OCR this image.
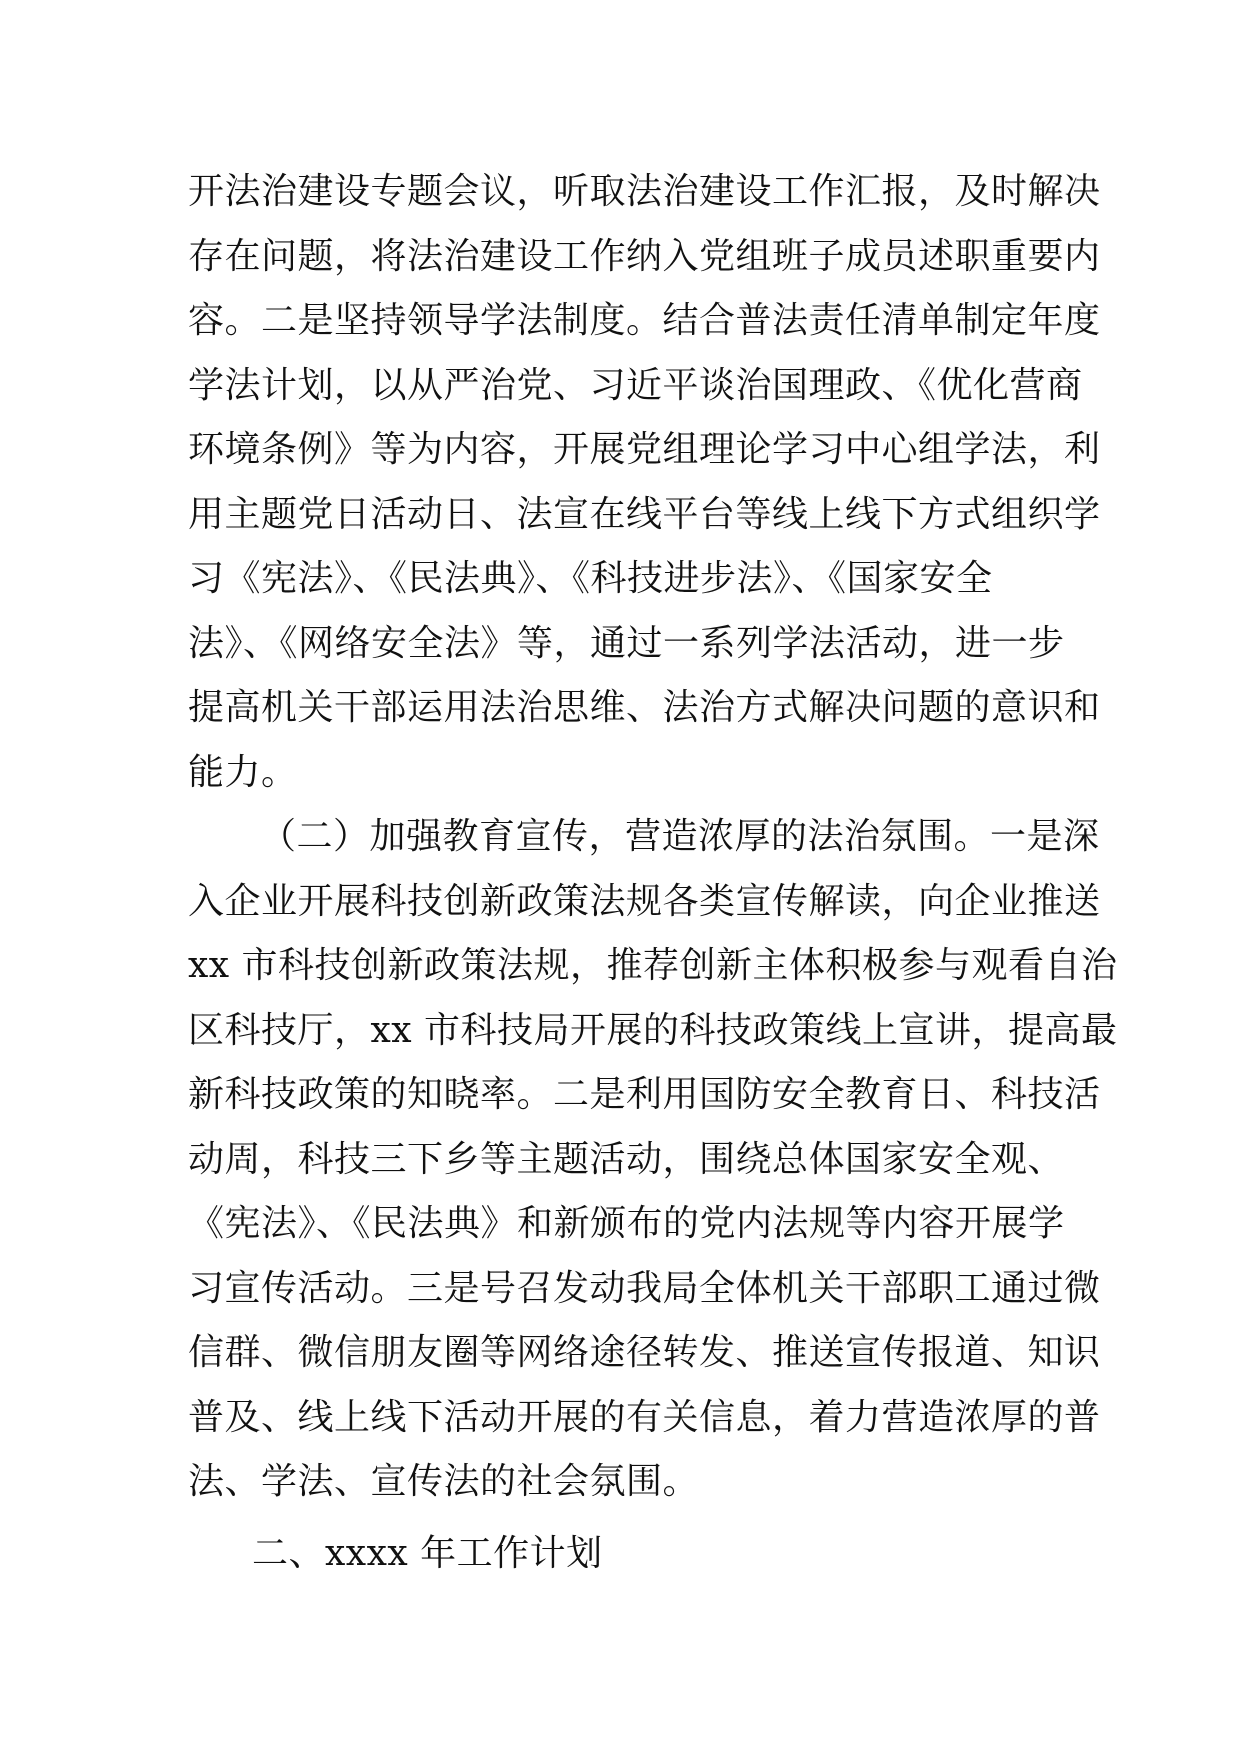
开法治建设专题会议，听取法治建设工作汇报，及时解决
存在问题，将法治建设工作纳入党组班子成员述职重要内
容。二是坚持领导学法制度。结合普法责任清单制定年度
学法计划，以从严治党、习近平谈治国理政、《优化营商
环境条例》等为内容，开展党组理论学习中心组学法，利
用主题党日活动日、法宣在线平台等线上线下方式组织学
习《宪法》、《民法典》、《科技进步法》、《国家安全
法》、《网络安全法》等，通过一系列学法活动，进一步
提高机关干部运用法治思维、法治方式解决问题的意识和
能力。
（二）加强教育宣传，营造浓厚的法治氛围。一是深
入企业开展科技创新政策法规各类宣传解读，向企业推送
xx 市科技创新政策法规，推荐创新主体积极参与观看自治
区科技厅，xx 市科技局开展的科技政策线上宣讲，提高最
新科技政策的知晓率。二是利用国防安全教育日、科技活
动周，科技三下乡等主题活动，围绕总体国家安全观、
《宪法》、《民法典》和新颁布的党内法规等内容开展学
习宣传活动。三是号召发动我局全体机关干部职工通过微
信群、微信朋友圈等网络途径转发、推送宣传报道、知识
普及、线上线下活动开展的有关信息，着力营造浓厚的普
法、学法、宣传法的社会氛围。
二、xxxx 年工作计划
